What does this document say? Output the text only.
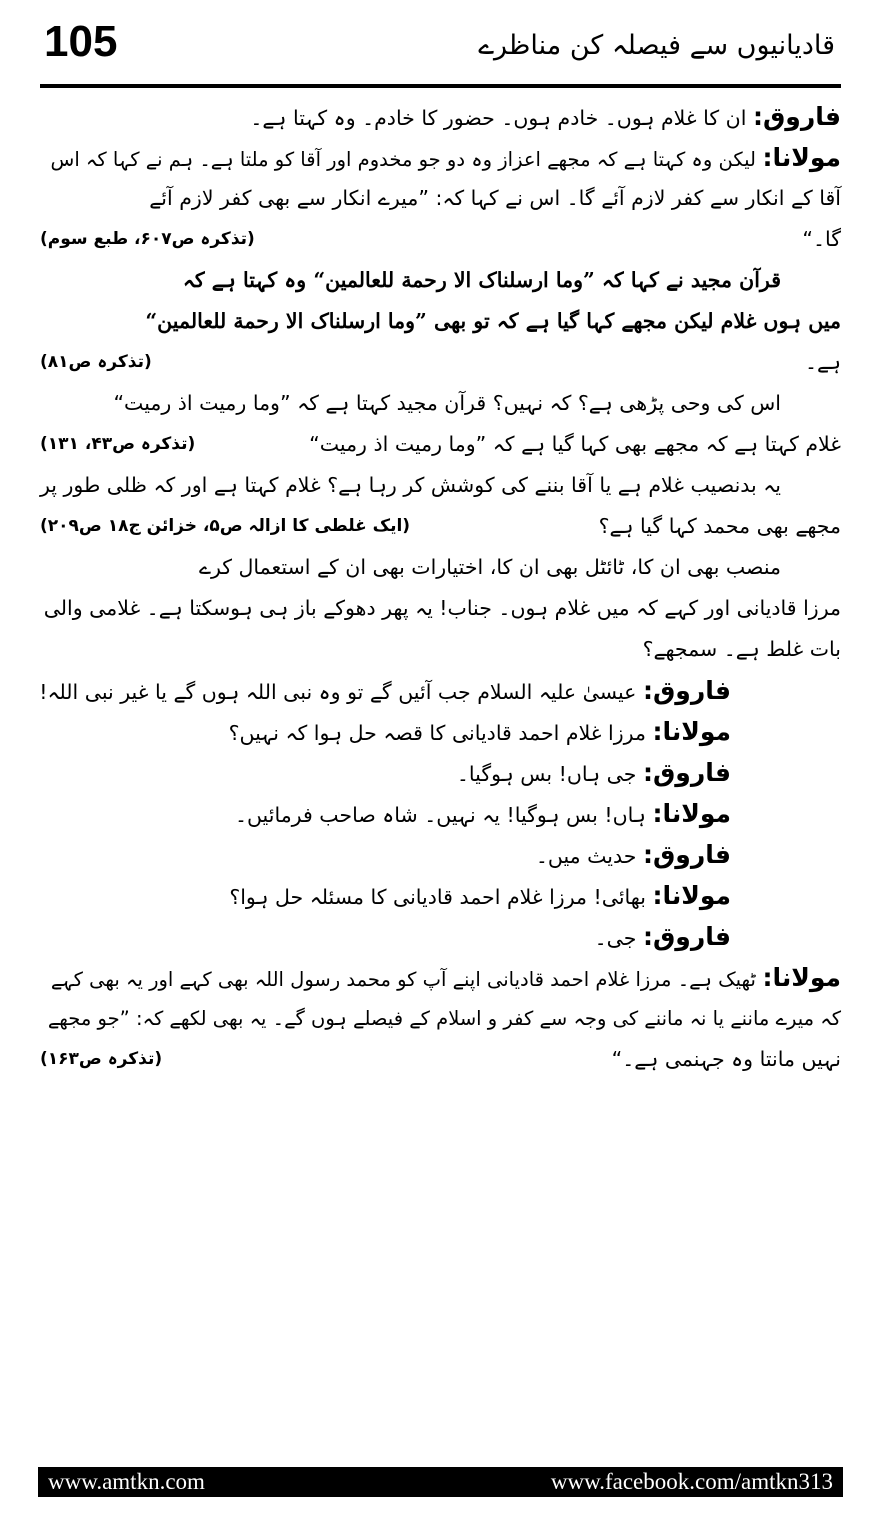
105	قادیانیوں سے فیصلہ کن مناظرے
فاروق: ان کا غلام ہوں۔ خادم ہوں۔ حضور کا خادم۔ وہ کہتا ہے۔
مولانا: لیکن وہ کہتا ہے کہ مجھے اعزاز وہ دو جو مخدوم اور آقا کو ملتا ہے۔ ہم نے کہا کہ اس
آقا کے انکار سے کفر لازم آئے گا۔ اس نے کہا کہ: ”میرے انکار سے بھی کفر لازم آئے
گا۔“
(تذکرہ ص۶۰۷، طبع سوم)
قرآن مجید نے کہا کہ ”وما ارسلناک الا رحمة للعالمین“ وہ کہتا ہے کہ
میں ہوں غلام لیکن مجھے کہا گیا ہے کہ تو بھی ”وما ارسلناک الا رحمة للعالمین“
ہے۔
(تذکرہ ص۸۱)
اس کی وحی پڑھی ہے؟ کہ نہیں؟ قرآن مجید کہتا ہے کہ ”وما رمیت اذ رمیت“
غلام کہتا ہے کہ مجھے بھی کہا گیا ہے کہ ”وما رمیت اذ رمیت“
(تذکرہ ص۴۳، ۱۳۱)
یہ بدنصیب غلام ہے یا آقا بننے کی کوشش کر رہا ہے؟ غلام کہتا ہے اور کہ ظلی طور پر
مجھے بھی محمد کہا گیا ہے؟
(ایک غلطی کا ازالہ ص۵، خزائن ج۱۸ ص۲۰۹)
منصب بھی ان کا، ٹائٹل بھی ان کا، اختیارات بھی ان کے استعمال کرے
مرزا قادیانی اور کہے کہ میں غلام ہوں۔ جناب! یہ پھر دھوکے باز ہی ہوسکتا ہے۔ غلامی والی
بات غلط ہے۔ سمجھے؟
فاروق: عیسیٰ علیہ السلام جب آئیں گے تو وہ نبی اللہ ہوں گے یا غیر نبی اللہ!
مولانا: مرزا غلام احمد قادیانی کا قصہ حل ہوا کہ نہیں؟
فاروق: جی ہاں! بس ہوگیا۔
مولانا: ہاں! بس ہوگیا! یہ نہیں۔ شاہ صاحب فرمائیں۔
فاروق: حدیث میں۔
مولانا: بھائی! مرزا غلام احمد قادیانی کا مسئلہ حل ہوا؟
فاروق: جی۔
مولانا: ٹھیک ہے۔ مرزا غلام احمد قادیانی اپنے آپ کو محمد رسول اللہ بھی کہے اور یہ بھی کہے
کہ میرے ماننے یا نہ ماننے کی وجہ سے کفر و اسلام کے فیصلے ہوں گے۔ یہ بھی لکھے کہ: ”جو مجھے
نہیں مانتا وہ جہنمی ہے۔“
(تذکرہ ص۱۶۳)
www.amtkn.com	www.facebook.com/amtkn313
